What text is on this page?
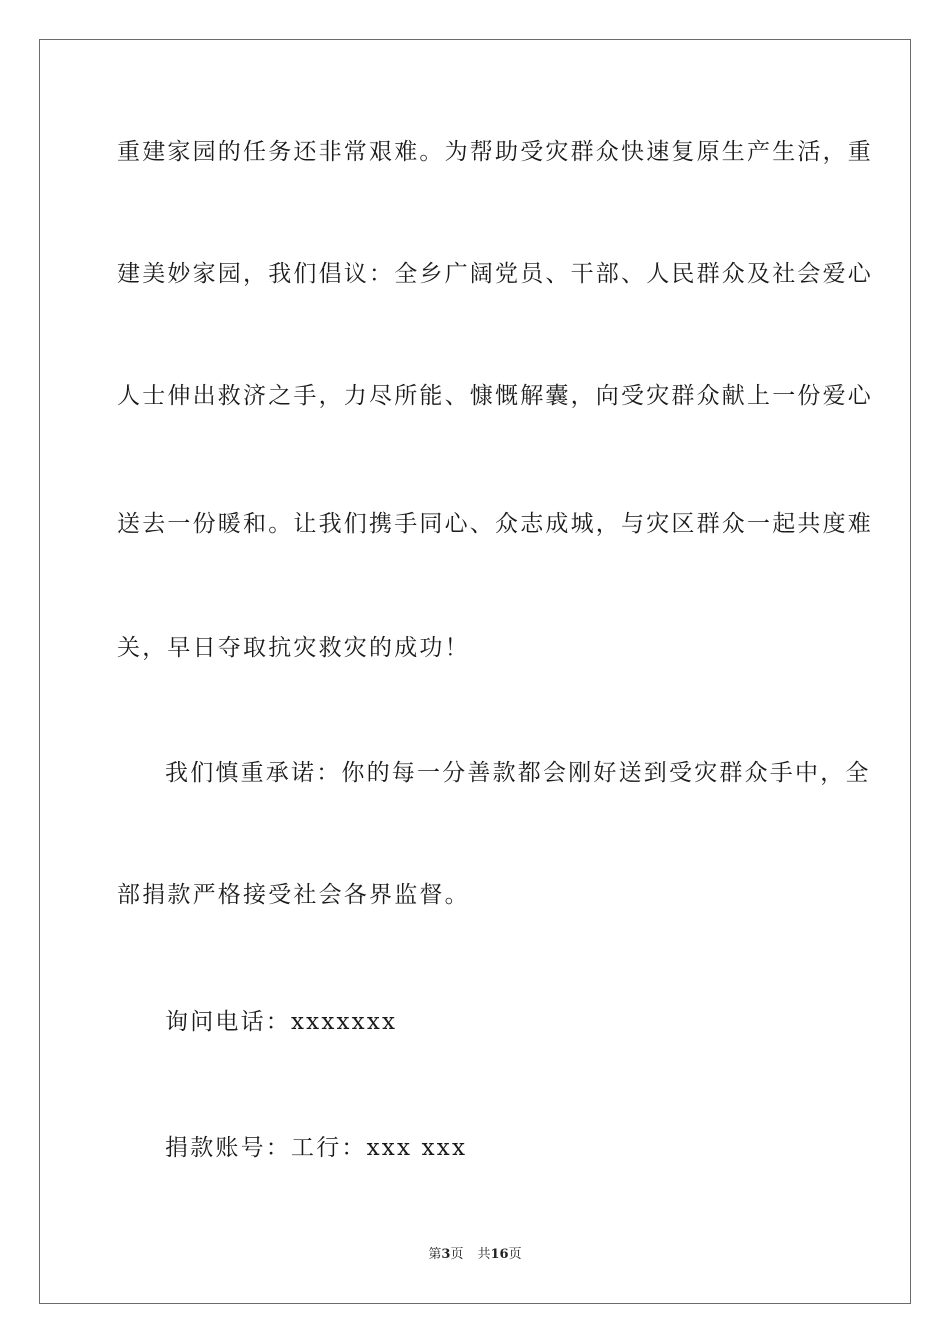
重建家园的任务还非常艰难。为帮助受灾群众快速复原生产生活，重
建美妙家园，我们倡议：全乡广阔党员、干部、人民群众及社会爱心
人士伸出救济之手，力尽所能、慷慨解囊，向受灾群众献上一份爱心
送去一份暖和。让我们携手同心、众志成城，与灾区群众一起共度难
关，早日夺取抗灾救灾的成功！
我们慎重承诺：你的每一分善款都会刚好送到受灾群众手中，全
部捐款严格接受社会各界监督。
询问电话：xxxxxxx
捐款账号：工行：xxx xxx
第3页 共16页
